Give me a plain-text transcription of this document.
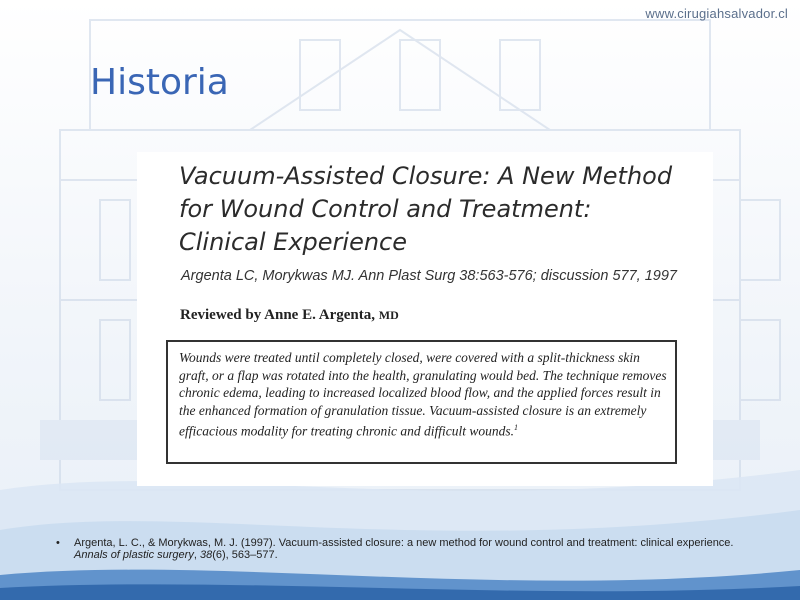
www.cirugiahsalvador.cl
Historia
Vacuum-Assisted Closure: A New Method
for Wound Control and Treatment:
Clinical Experience
Argenta LC, Morykwas MJ. Ann Plast Surg 38:563-576; discussion 577, 1997
Reviewed by Anne E. Argenta, MD
Wounds were treated until completely closed, were covered with a split-thickness skin graft, or a flap was rotated into the health, granulating would bed. The technique removes chronic edema, leading to increased localized blood flow, and the applied forces result in the enhanced formation of granulation tissue. Vacuum-assisted closure is an extremely efficacious modality for treating chronic and difficult wounds.$^1$
• Argenta, L. C., & Morykwas, M. J. (1997). Vacuum-assisted closure: a new method for wound control and treatment: clinical experience. Annals of plastic surgery, 38(6), 563–577.
